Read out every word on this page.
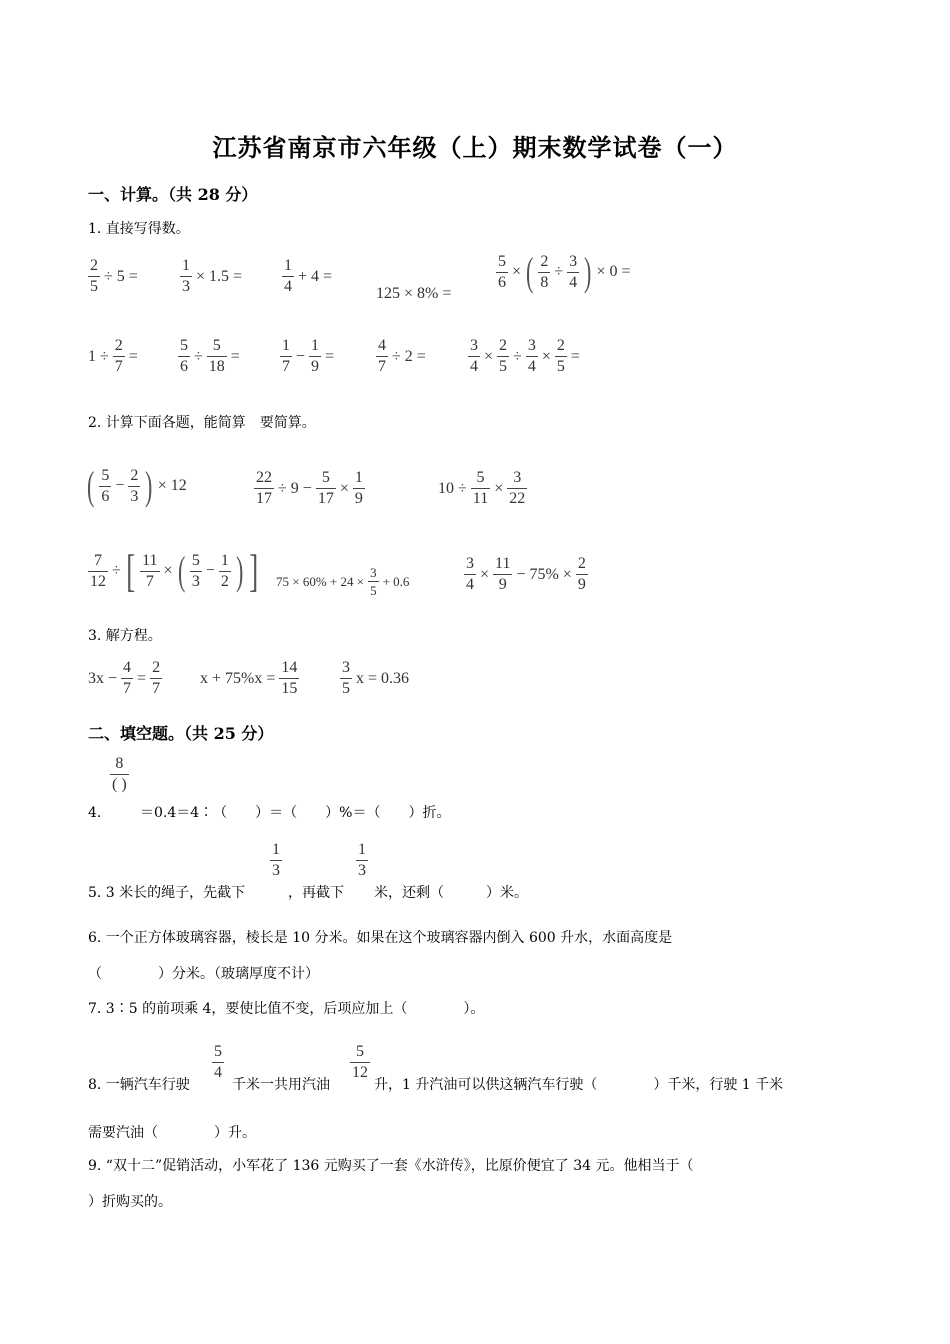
江苏省南京市六年级（上）期末数学试卷（一）
一、计算。（共 28 分）
1. 直接写得数。
$\frac{2}{5} \div 5$ =	$\frac{1}{3} \times 1.5 = \frac{1}{4} + 4$ =
125 × 8% =
$\frac{5}{6}$ × ( $\frac{2}{8} \div \frac{3}{4}$ ) × 0 =
$1 \div \frac{2}{7}$ =	$\frac{5}{6} \div \frac{5}{18}$ =	$\frac{1}{7} - \frac{1}{9}$ =	$\frac{4}{7} \div 2$ =	$\frac{3}{4} \times \frac{2}{5} \div \frac{3}{4} \times \frac{2}{5}$ =
2. 计算下面各题，能简算　要简算。
( $\frac{5}{6} - \frac{2}{3}$ ) × 12	$\frac{22}{17} \div 9 - \frac{5}{17} \times \frac{1}{9}$	$10 \div \frac{5}{11} \times \frac{3}{22}$
$\frac{7}{12}$ ÷ [ $\frac{11}{7}$ × ( $\frac{5}{3} - \frac{1}{2}$ ) ] $75 \times 60\% + 24 \times \frac{3}{5} + 0.6$	$\frac{3}{4} \times \frac{11}{9} - 75\% \times \frac{2}{9}$
3. 解方程。
$3x - \frac{4}{7} = \frac{2}{7}$ $x + 75\%x = \frac{14}{15}$	$\frac{3}{5}$ x = 0.36
二、填空题。（共 25 分）
$\frac{8}{( )}$
4.	＝0.4＝4∶（　　）＝（　　）%＝（　　）折。
5. 3 米长的绳子，先截下
$\frac{1}{3}$
，再截下
$\frac{1}{3}$
米，还剩（　　　）米。
6. 一个正方体玻璃容器，棱长是 10 分米。如果在这个玻璃容器内倒入 600 升水，水面高度是
（　　　　）分米。（玻璃厚度不计）
7. 3∶5 的前项乘 4，要使比值不变，后项应加上（　　　　）。
8. 一辆汽车行驶
$\frac{5}{4}$
千米一共用汽油
$\frac{5}{12}$
升，1 升汽油可以供这辆汽车行驶（　　　　）千米，行驶 1 千米
需要汽油（　　　　）升。
9. “双十二”促销活动，小军花了 136 元购买了一套《水浒传》，比原价便宜了 34 元。他相当于（
）折购买的。
